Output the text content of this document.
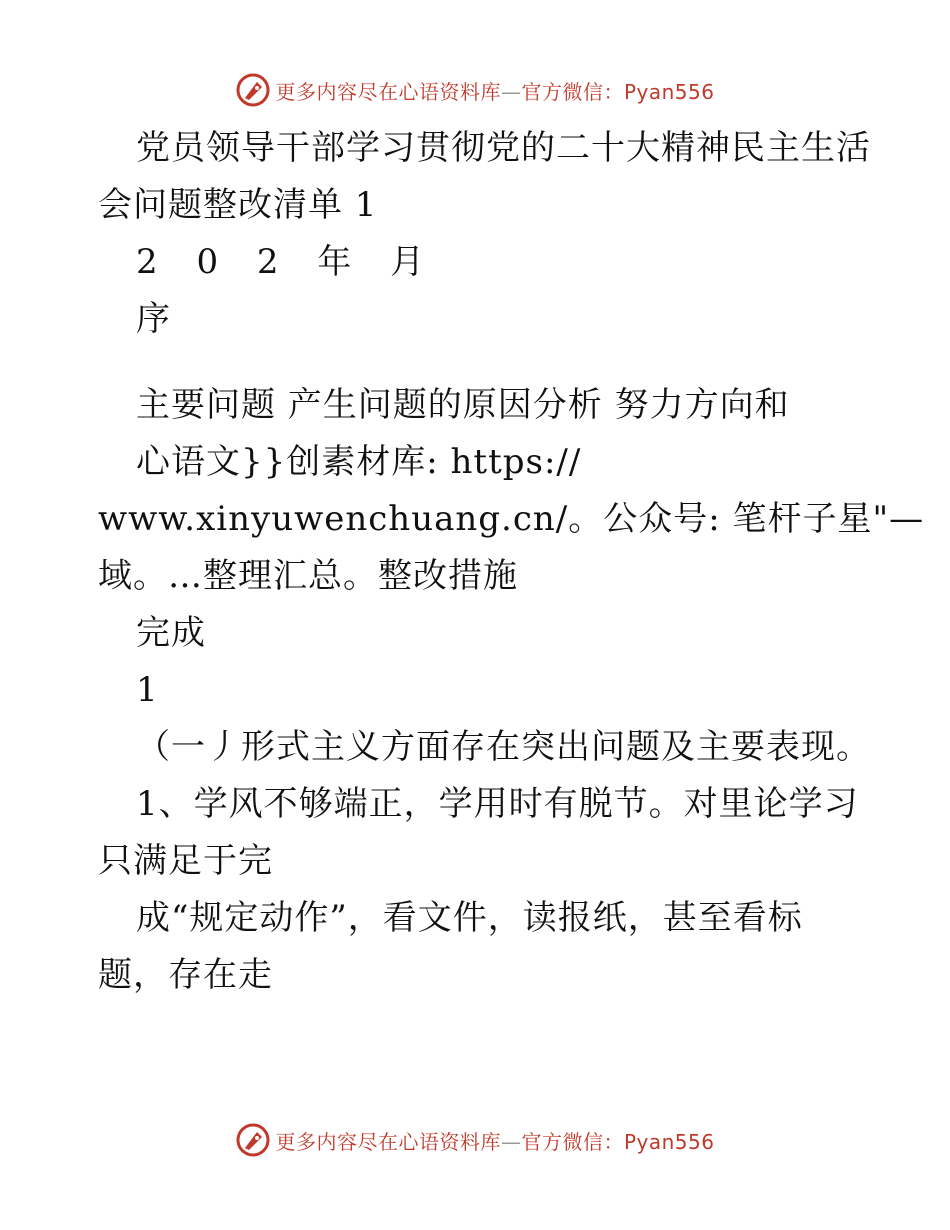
更多内容尽在心语资料库—官方微信：Pyan556
党员领导干部学习贯彻党的二十大精神民主生活
会问题整改清单 1
2 0 2 年 月
序
主要问题 产生问题的原因分析 努力方向和
心语文}}创素材库: https://
www.xinyuwenchuang.cn/。公众号: 笔杆子星"—
域。…整理汇总。整改措施
完成
1
（一丿形式主义方面存在突出问题及主要表现。
1、学风不够端正，学用时有脱节。对里论学习
只满足于完
成“规定动作”，看文件，读报纸，甚至看标
题，存在走
更多内容尽在心语资料库—官方微信：Pyan556
